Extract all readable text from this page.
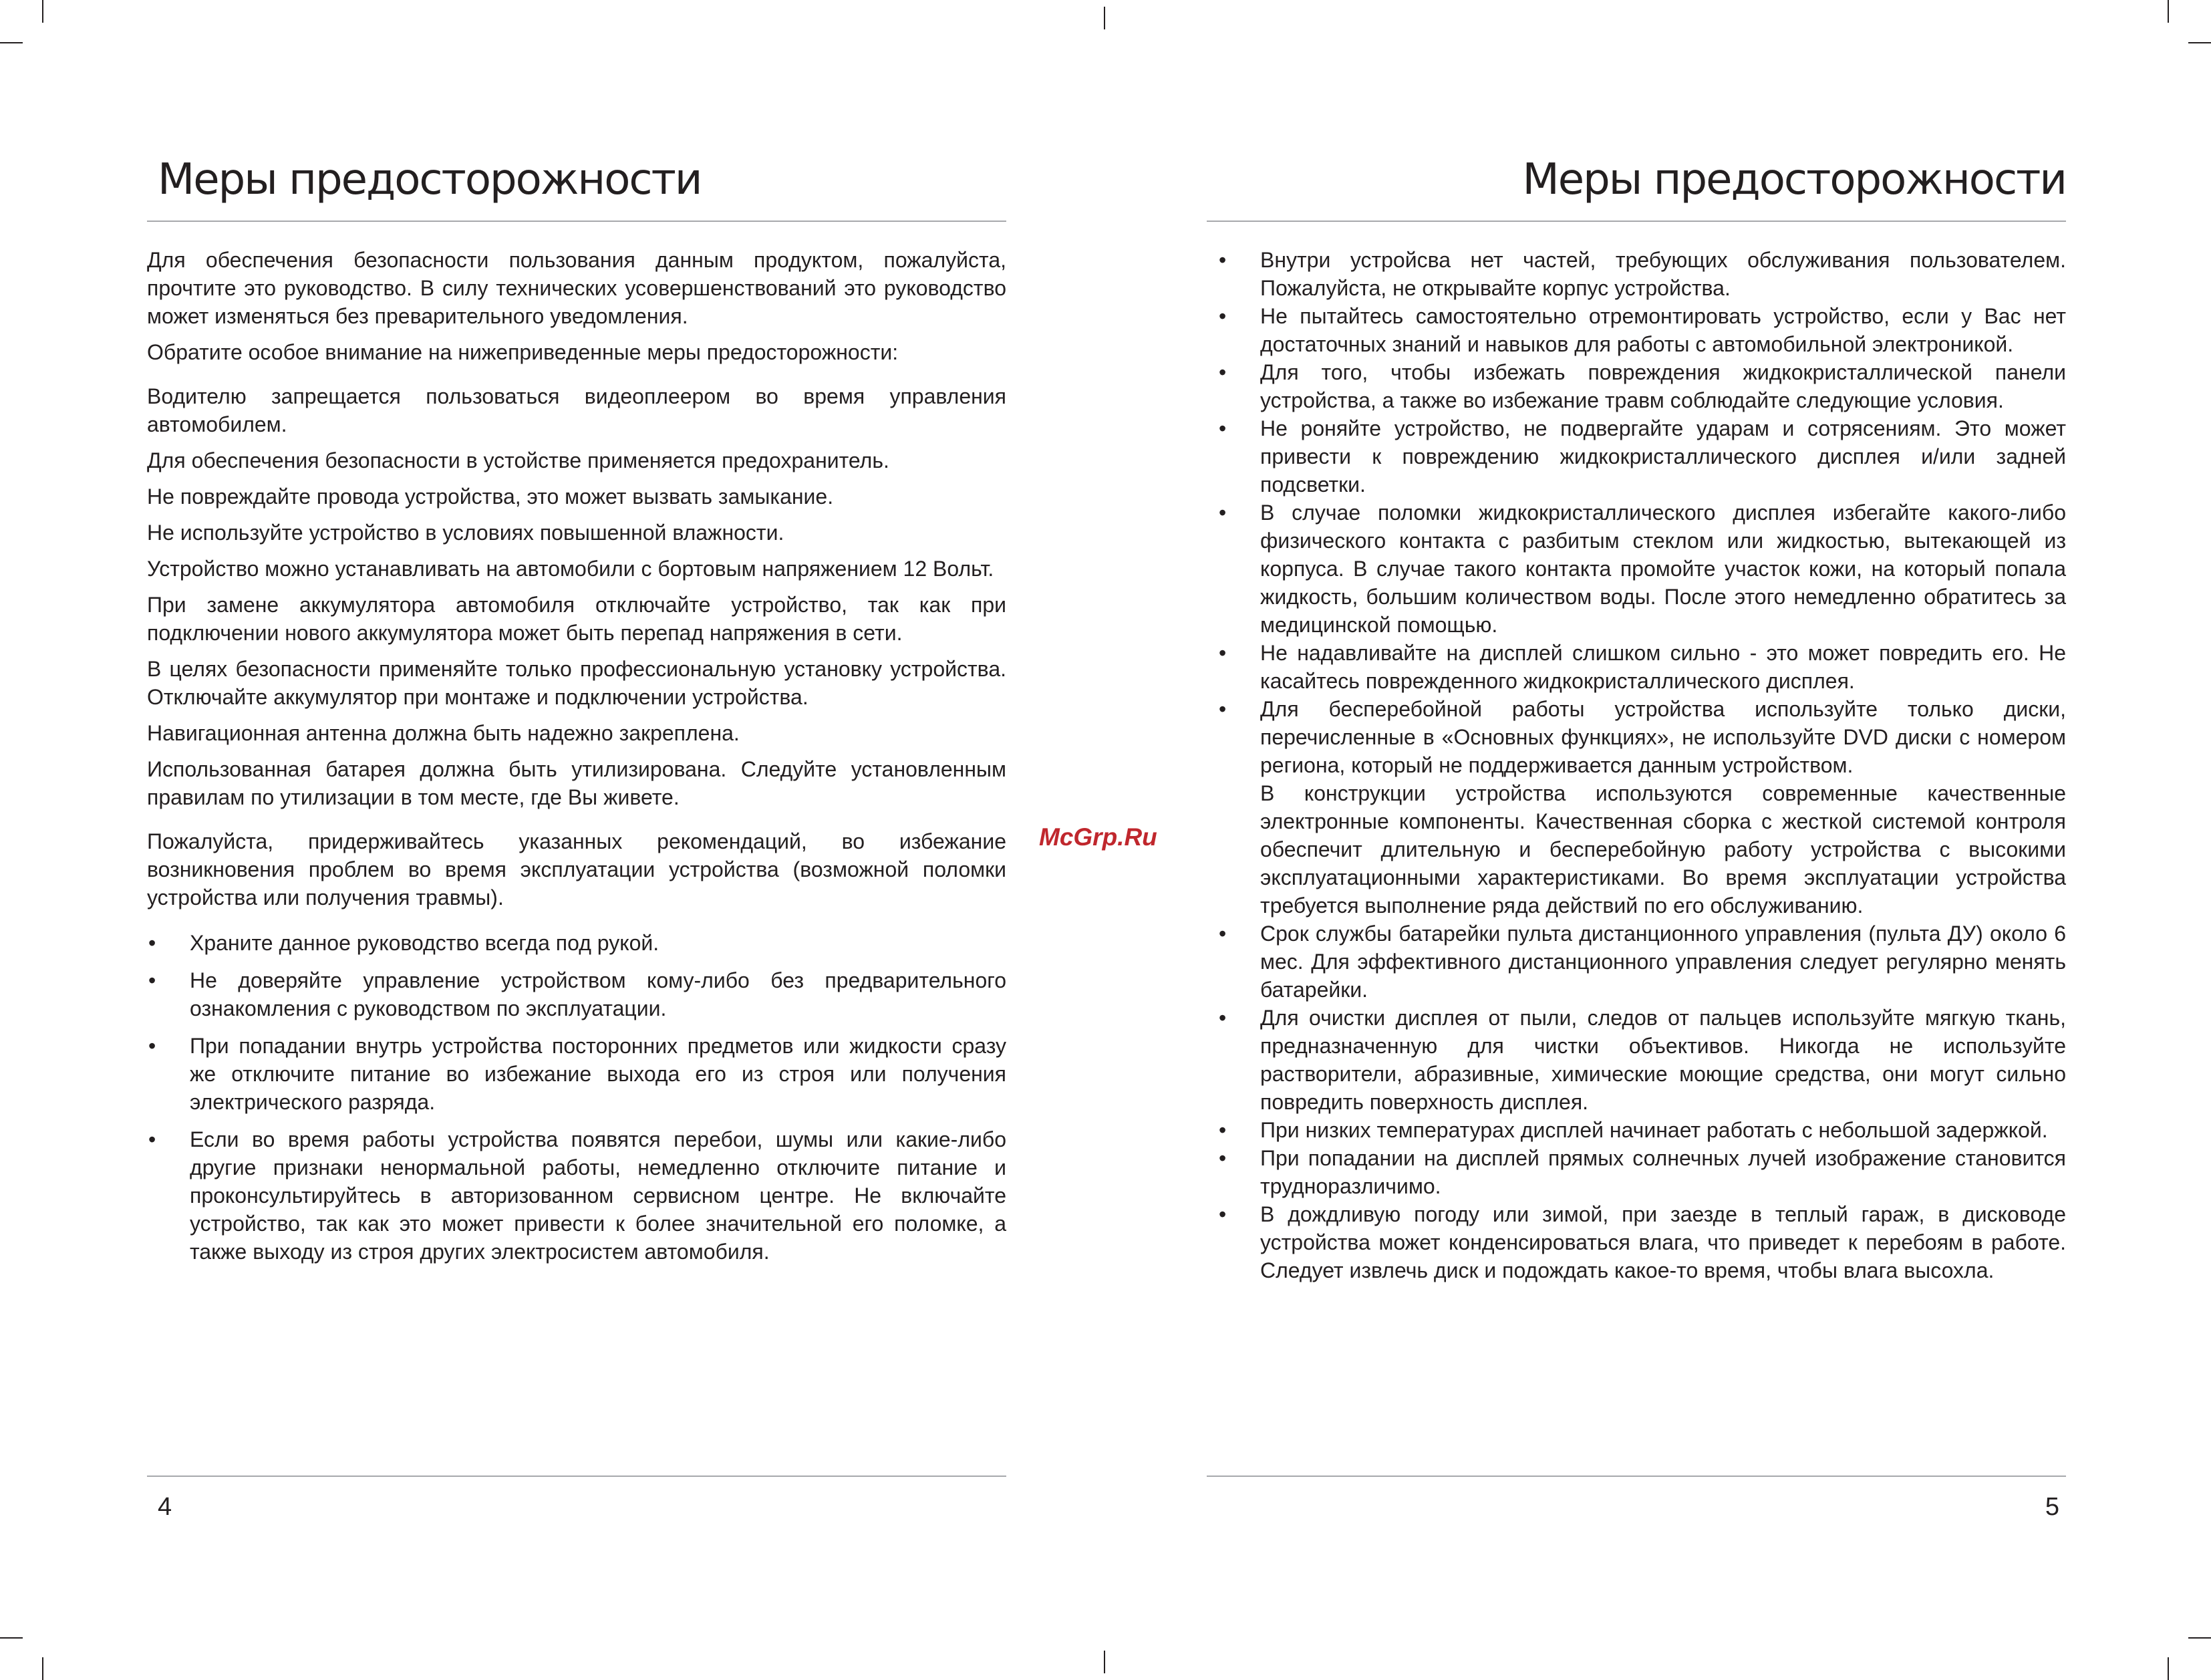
Меры предосторожности

Для обеспечения безопасности пользования данным продуктом, пожалуйста, прочтите это руководство. В силу технических усовершенствований это руководство может изменяться без преварительного уведомления.

Обратите особое внимание на нижеприведенные меры предосторожности:

Водителю запрещается пользоваться видеоплеером во время управления автомобилем.

Для обеспечения безопасности в устойстве применяется предохранитель.

Не повреждайте провода устройства, это может вызвать замыкание.

Не используйте устройство в условиях повышенной влажности.

Устройство можно устанавливать на автомобили с бортовым напряжением 12 Вольт.

При замене аккумулятора автомобиля отключайте устройство, так как при подключении нового аккумулятора может быть перепад напряжения в сети.

В целях безопасности применяйте только профессиональную установку устройства. Отключайте аккумулятор при монтаже и подключении устройства.

Навигационная антенна должна быть надежно закреплена.

Использованная батарея должна быть утилизирована. Следуйте установленным правилам по утилизации в том месте, где Вы живете.

Пожалуйста, придерживайтесь указанных рекомендаций, во избежание возникновения проблем во время эксплуатации устройства (возможной поломки устройства или получения травмы).

• Храните данное руководство всегда под рукой.
• Не доверяйте управление устройством кому-либо без предварительного ознакомления с руководством по эксплуатации.
• При попадании внутрь устройства посторонних предметов или жидкости сразу же отключите питание во избежание выхода его из строя или получения электрического разряда.
• Если во время работы устройства появятся перебои, шумы или какие-либо другие признаки ненормальной работы, немедленно отключите питание и проконсультируйтесь в авторизованном сервисном центре. Не включайте устройство, так как это может привести к более значительной его поломке, а также выходу из строя других электросистем автомобиля.
4
McGrp.Ru
Меры предосторожности
• Внутри устройсва нет частей, требующих обслуживания пользователем. Пожалуйста, не открывайте корпус устройства.
• Не пытайтесь самостоятельно отремонтировать устройство, если у Вас нет достаточных знаний и навыков для работы с автомобильной электроникой.
• Для того, чтобы избежать повреждения жидкокристаллической панели устройства, а также во избежание травм соблюдайте следующие условия.
• Не роняйте устройство, не подвергайте ударам и сотрясениям. Это может привести к повреждению жидкокристаллического дисплея и/или задней подсветки.
• В случае поломки жидкокристаллического дисплея избегайте какого-либо физического контакта с разбитым стеклом или жидкостью, вытекающей из корпуса. В случае такого контакта промойте участок кожи, на который попала жидкость, большим количеством воды. После этого немедленно обратитесь за медицинской помощью.
• Не надавливайте на дисплей слишком сильно - это может повредить его. Не касайтесь поврежденного жидкокристаллического дисплея.
• Для бесперебойной работы устройства используйте только диски, перечисленные в «Основных функциях», не используйте DVD диски с номером региона, который не поддерживается данным устройством.
В конструкции устройства используются современные качественные электронные компоненты. Качественная сборка с жесткой системой контроля обеспечит длительную и бесперебойную работу устройства с высокими эксплуатационными характеристиками. Во время эксплуатации устройства требуется выполнение ряда действий по его обслуживанию.
• Срок службы батарейки пульта дистанционного управления (пульта ДУ) около 6 мес. Для эффективного дистанционного управления следует регулярно менять батарейки.
• Для очистки дисплея от пыли, следов от пальцев используйте мягкую ткань, предназначенную для чистки объективов. Никогда не используйте растворители, абразивные, химические моющие средства, они могут сильно повредить поверхность дисплея.
• При низких температурах дисплей начинает работать с небольшой задержкой.
• При попадании на дисплей прямых солнечных лучей изображение становится трудноразличимо.
• В дождливую погоду или зимой, при заезде в теплый гараж, в дисководе устройства может конденсироваться влага, что приведет к перебоям в работе. Следует извлечь диск и подождать какое-то время, чтобы влага высохла.
5
